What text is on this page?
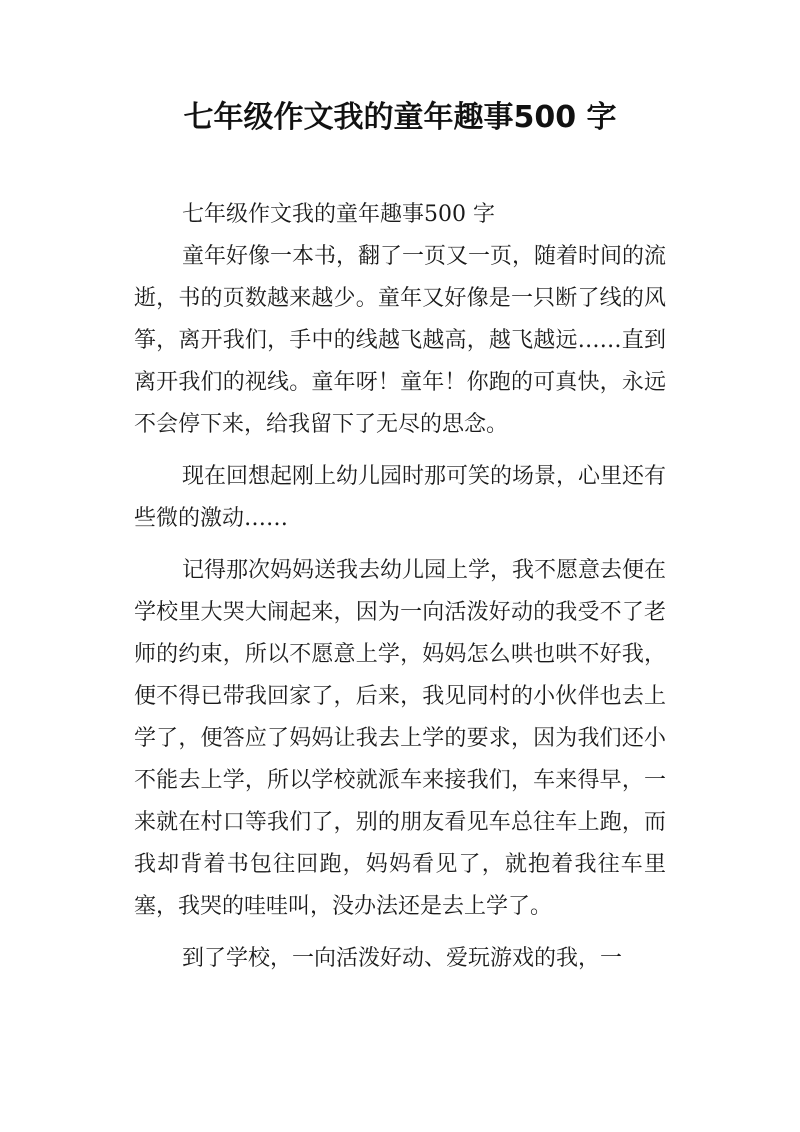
七年级作文我的童年趣事500 字

七年级作文我的童年趣事500 字

童年好像一本书，翻了一页又一页，随着时间的流逝，书的页数越来越少。童年又好像是一只断了线的风筝，离开我们，手中的线越飞越高，越飞越远……直到离开我们的视线。童年呀！童年！你跑的可真快，永远不会停下来，给我留下了无尽的思念。

现在回想起刚上幼儿园时那可笑的场景，心里还有些微的激动……

记得那次妈妈送我去幼儿园上学，我不愿意去便在学校里大哭大闹起来，因为一向活泼好动的我受不了老师的约束，所以不愿意上学，妈妈怎么哄也哄不好我，便不得已带我回家了，后来，我见同村的小伙伴也去上学了，便答应了妈妈让我去上学的要求，因为我们还小不能去上学，所以学校就派车来接我们，车来得早，一来就在村口等我们了，别的朋友看见车总往车上跑，而我却背着书包往回跑，妈妈看见了，就抱着我往车里塞，我哭的哇哇叫，没办法还是去上学了。

到了学校，一向活泼好动、爱玩游戏的我，一
